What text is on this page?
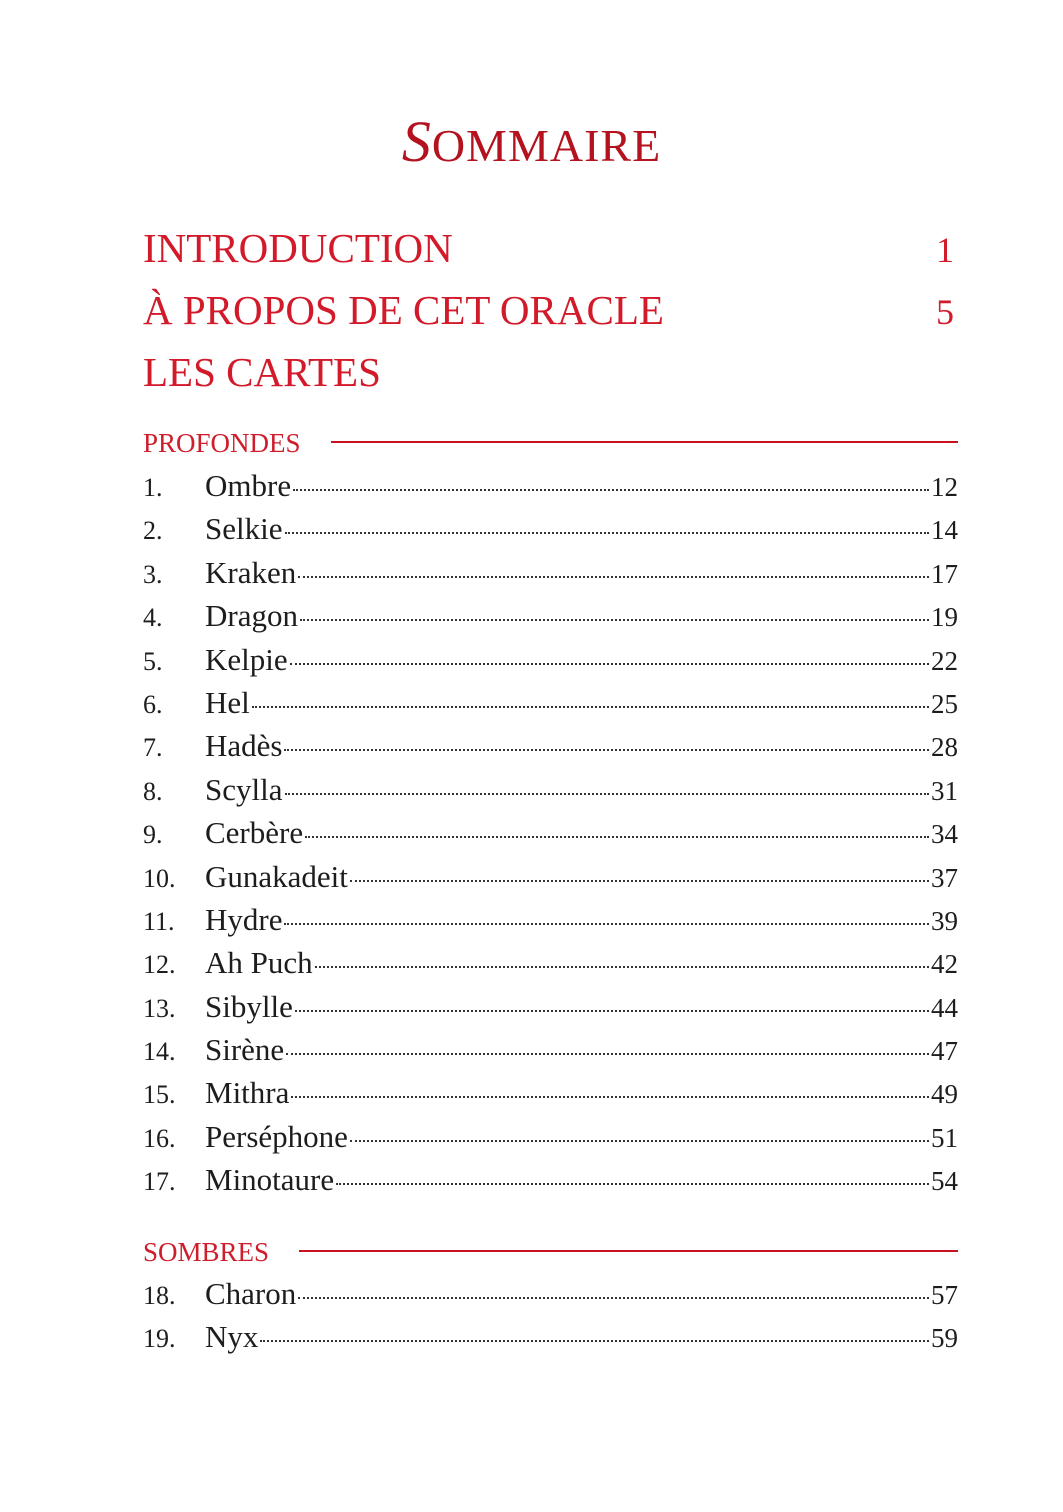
SOMMAIRE
INTRODUCTION	1
À PROPOS DE CET ORACLE	5
LES CARTES
PROFONDES
1.	Ombre	12
2.	Selkie	14
3.	Kraken	17
4.	Dragon	19
5.	Kelpie	22
6.	Hel	25
7.	Hadès	28
8.	Scylla	31
9.	Cerbère	34
10. Gunakadeit	37
11. Hydre	39
12. Ah Puch	42
13. Sibylle	44
14. Sirène	47
15. Mithra	49
16. Perséphone	51
17. Minotaure	54
SOMBRES
18. Charon	57
19. Nyx	59
